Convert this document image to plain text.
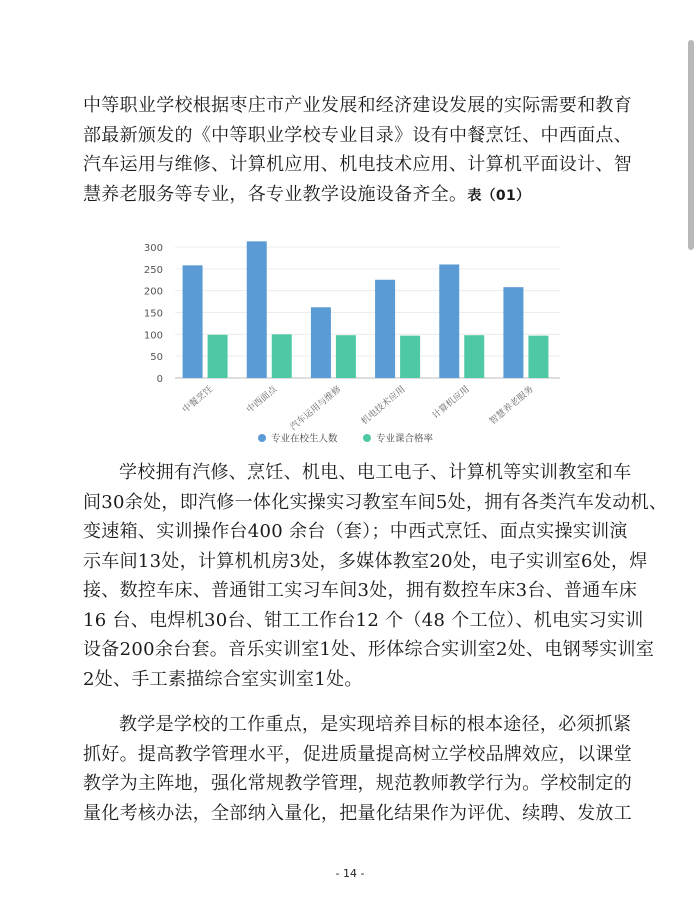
中等职业学校根据枣庄市产业发展和经济建设发展的实际需要和教育
部最新颁发的《中等职业学校专业目录》设有中餐烹饪、中西面点、
汽车运用与维修、计算机应用、机电技术应用、计算机平面设计、智
慧养老服务等专业，各专业教学设施设备齐全。表（01）
0
50
100
150
200
250
300
中餐烹饪	中西面点 汽车运用与维修 机电技术应用	计算机应用 智慧养老服务
专业在校生人数	专业课合格率
学校拥有汽修、烹饪、机电、电工电子、计算机等实训教室和车
间30余处，即汽修一体化实操实习教室车间5处，拥有各类汽车发动机、
变速箱、实训操作台400 余台（套）；中西式烹饪、面点实操实训演
示车间13处，计算机机房3处，多媒体教室20处，电子实训室6处，焊
接、数控车床、普通钳工实习车间3处，拥有数控车床3台、普通车床
16 台、电焊机30台、钳工工作台12 个（48 个工位）、机电实习实训
设备200余台套。音乐实训室1处、形体综合实训室2处、电钢琴实训室
2处、手工素描综合室实训室1处。
教学是学校的工作重点，是实现培养目标的根本途径，必须抓紧
抓好。提高教学管理水平，促进质量提高树立学校品牌效应，以课堂
教学为主阵地，强化常规教学管理，规范教师教学行为。学校制定的
量化考核办法，全部纳入量化，把量化结果作为评优、续聘、发放工
- 14 -
